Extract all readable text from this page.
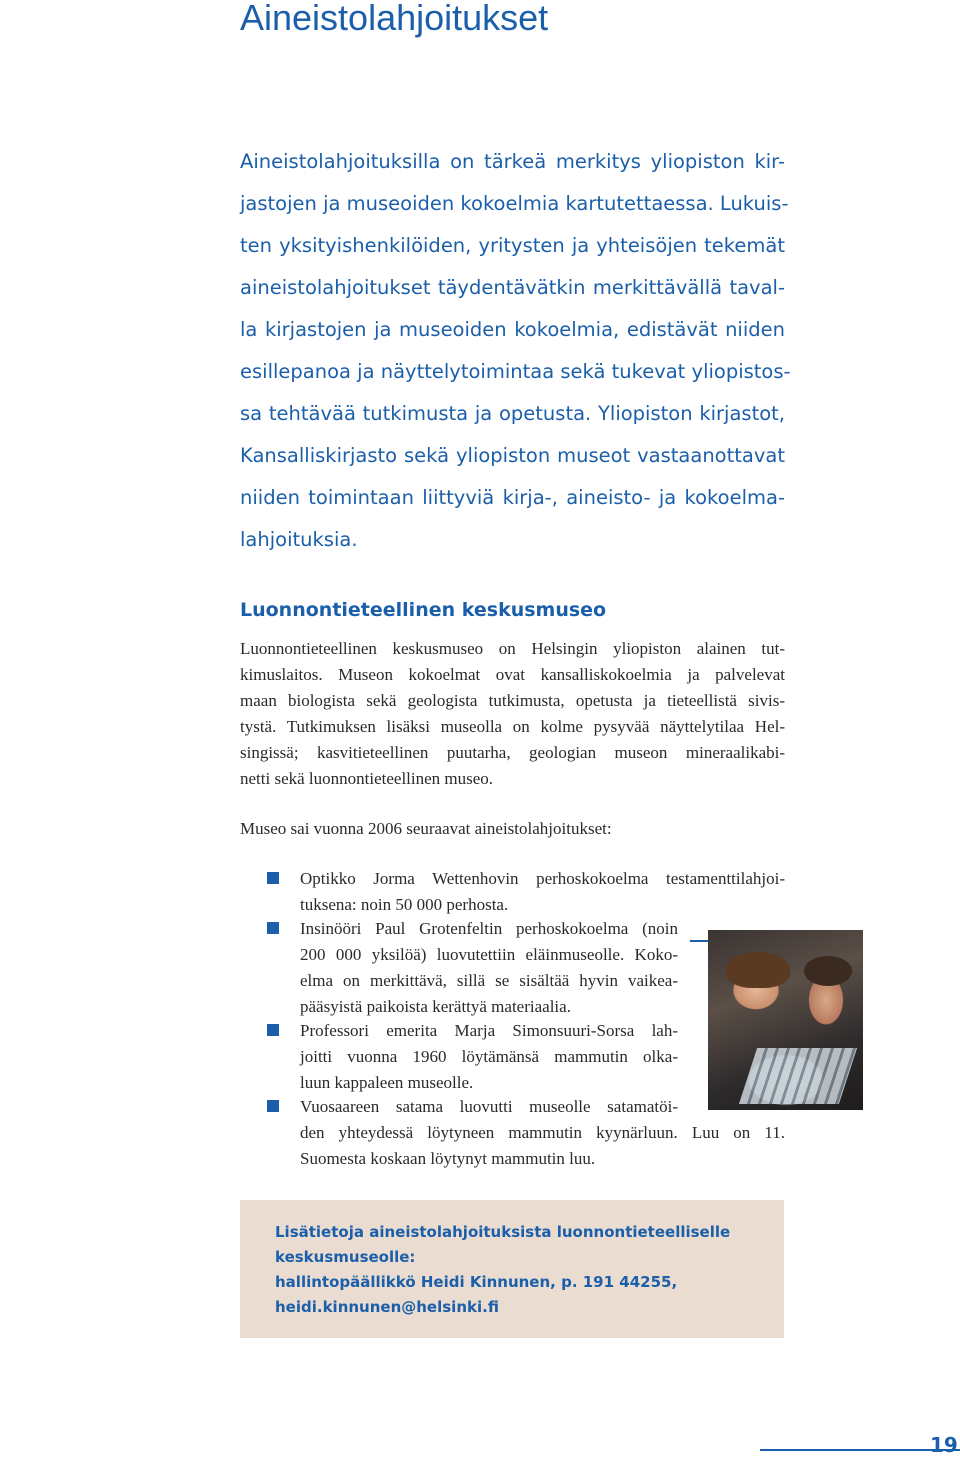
Aineistolahjoitukset
Aineistolahjoituksilla on tärkeä merkitys yliopiston kir-
jastojen ja museoiden kokoelmia kartutettaessa. Lukuis-
ten yksityishenkilöiden, yritysten ja yhteisöjen tekemät
aineistolahjoitukset täydentävätkin merkittävällä taval-
la kirjastojen ja museoiden kokoelmia, edistävät niiden
esillepanoa ja näyttelytoimintaa sekä tukevat yliopistos-
sa tehtävää tutkimusta ja opetusta. Yliopiston kirjastot,
Kansalliskirjasto sekä yliopiston museot vastaanottavat
niiden toimintaan liittyviä kirja-, aineisto- ja kokoelma-
lahjoituksia.
Luonnontieteellinen keskusmuseo
Luonnontieteellinen keskusmuseo on Helsingin yliopiston alainen tut-
kimuslaitos. Museon kokoelmat ovat kansalliskokoelmia ja palvelevat
maan biologista sekä geologista tutkimusta, opetusta ja tieteellistä sivis-
tystä. Tutkimuksen lisäksi museolla on kolme pysyvää näyttelytilaa Hel-
singissä; kasvitieteellinen puutarha, geologian museon mineraalikabi-
netti sekä luonnontieteellinen museo.
Museo sai vuonna 2006 seuraavat aineistolahjoitukset:
Optikko Jorma Wettenhovin perhoskokoelma testamenttilahjoi-
tuksena: noin 50 000 perhosta.
Insinööri Paul Grotenfeltin perhoskokoelma (noin
200 000 yksilöä) luovutettiin eläinmuseolle. Koko-
elma on merkittävä, sillä se sisältää hyvin vaikea-
pääsyistä paikoista kerättyä materiaalia.
Professori emerita Marja Simonsuuri-Sorsa lah-
joitti vuonna 1960 löytämänsä mammutin olka-
luun kappaleen museolle.
Vuosaareen satama luovutti museolle satamatöi-
den yhteydessä löytyneen mammutin kyynärluun. Luu on 11.
Suomesta koskaan löytynyt mammutin luu.
Lisätietoja aineistolahjoituksista luonnontieteelliselle
keskusmuseolle:
hallintopäällikkö Heidi Kinnunen, p. 191 44255,
heidi.kinnunen@helsinki.fi
19
